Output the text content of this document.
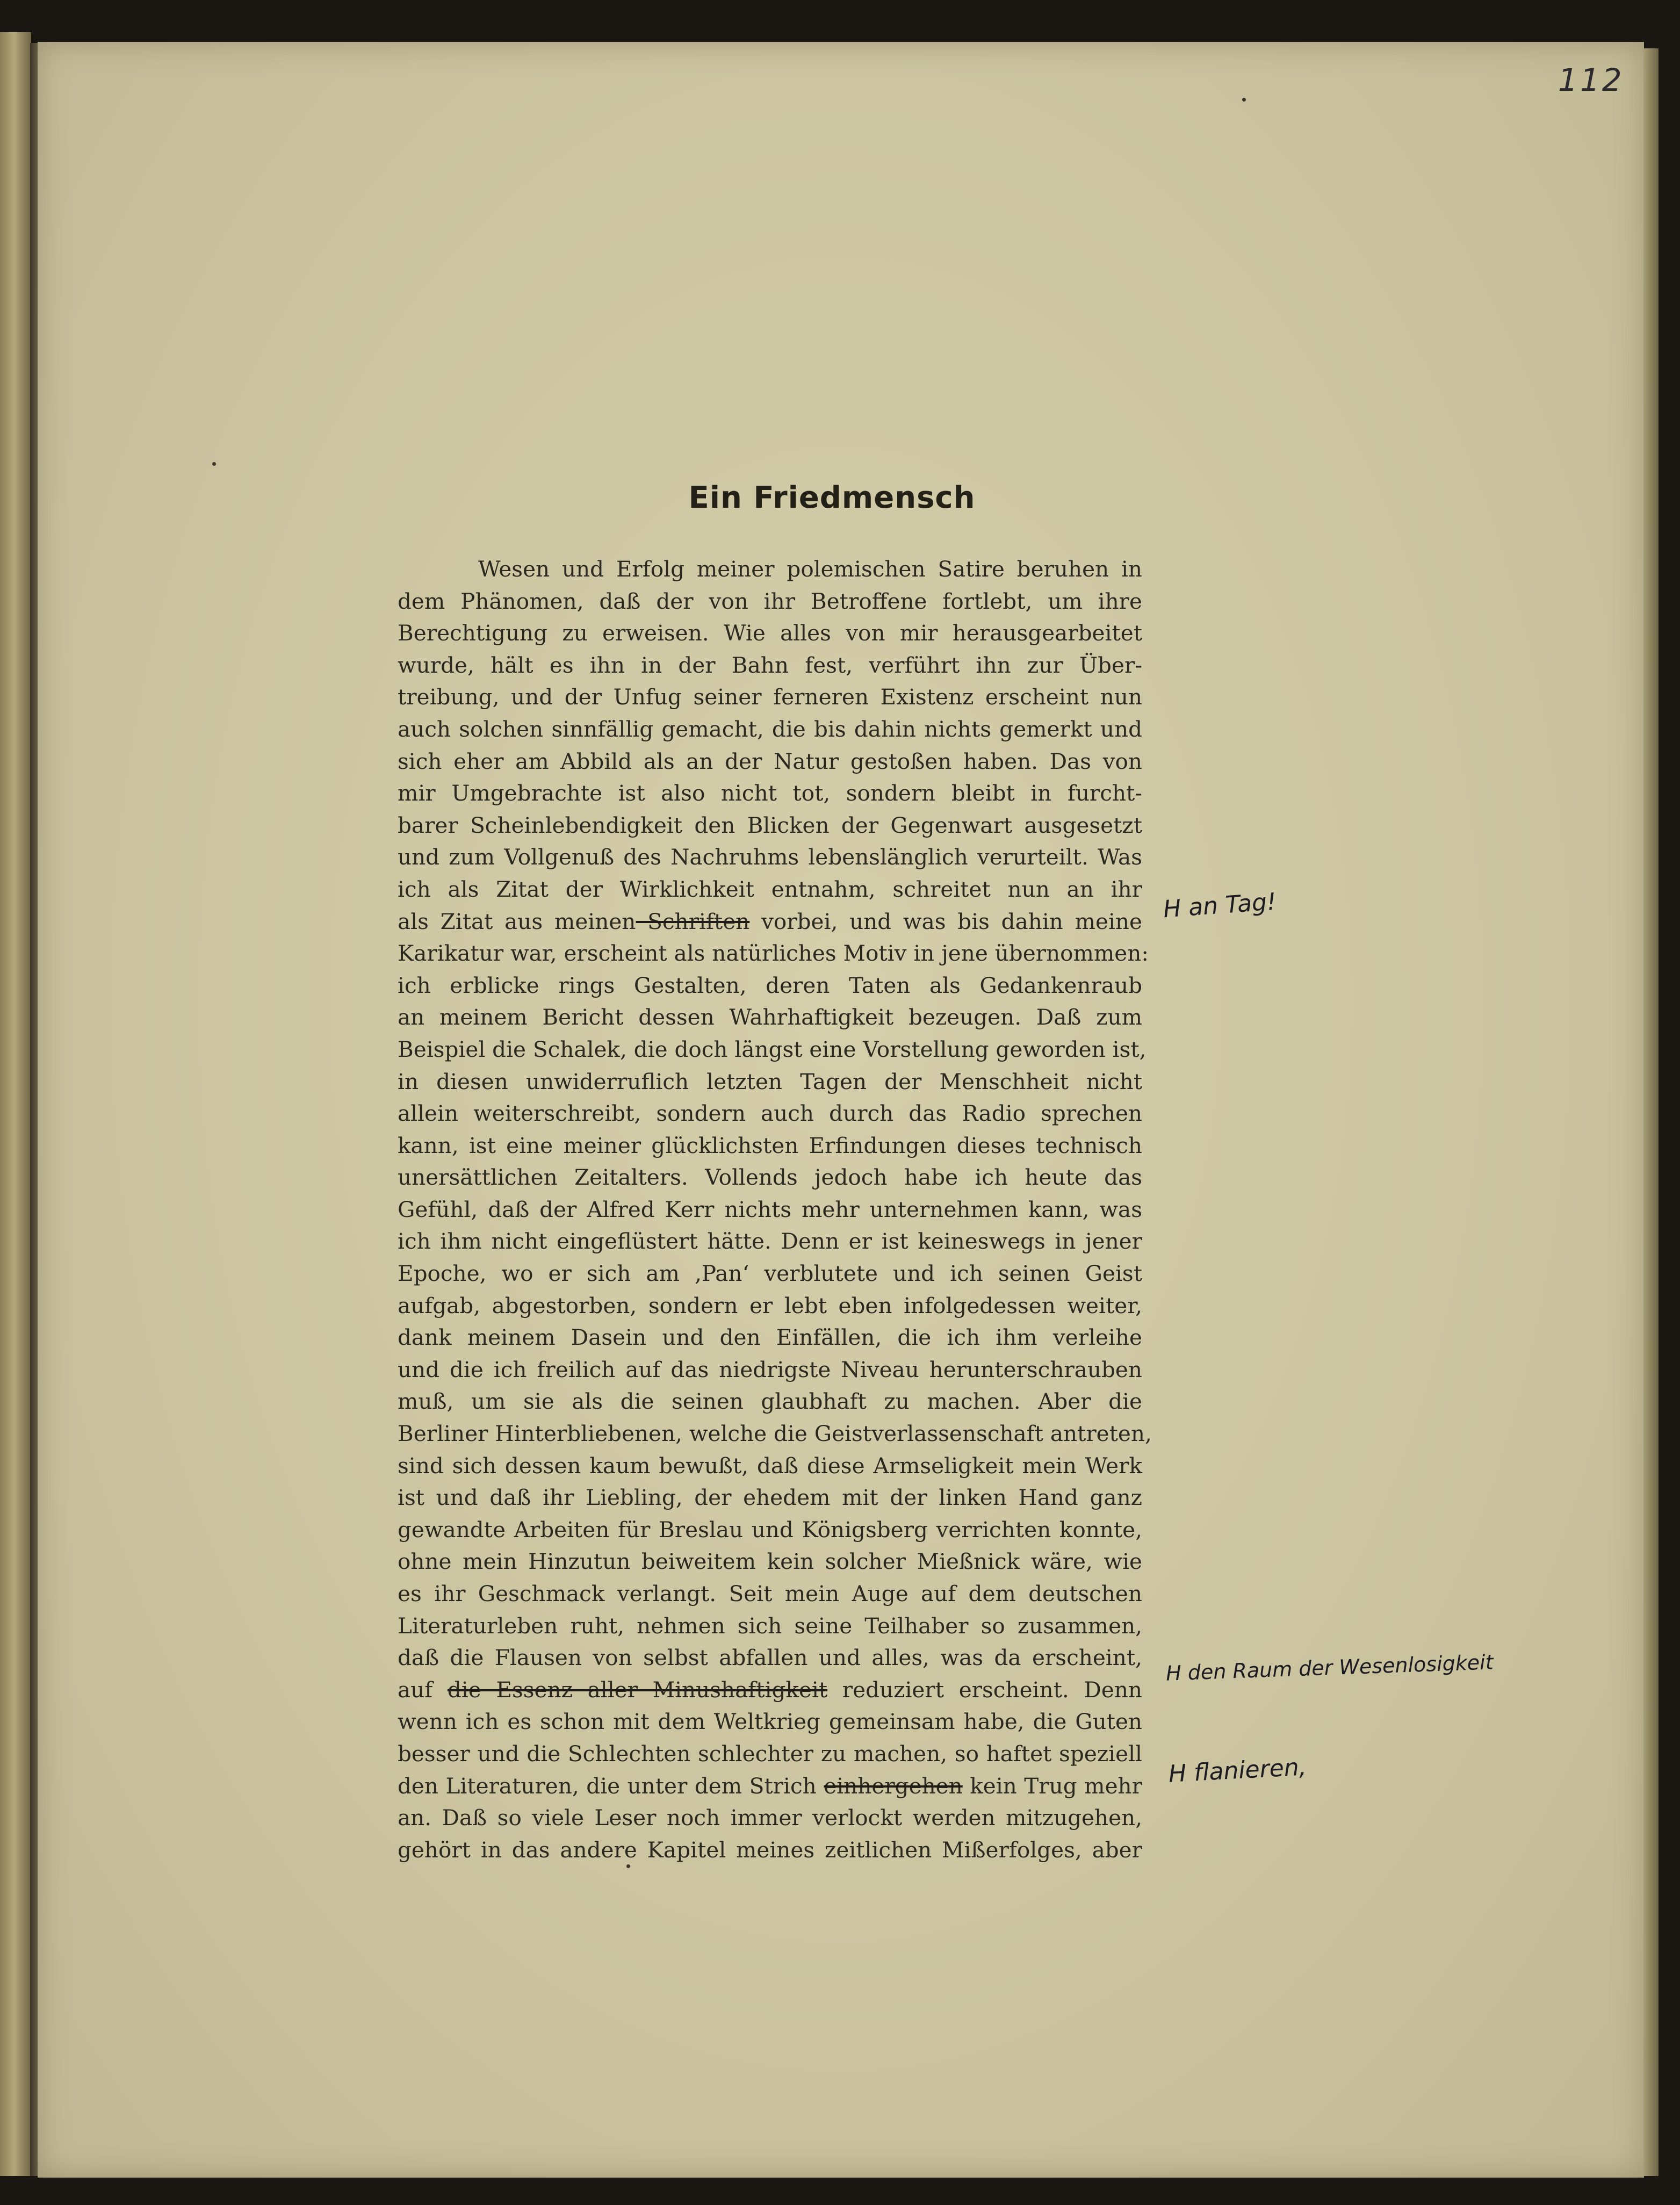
112
Ein Friedmensch
Wesen und Erfolg meiner polemischen Satire beruhen in
dem Phänomen, daß der von ihr Betroffene fortlebt, um ihre
Berechtigung zu erweisen. Wie alles von mir herausgearbeitet
wurde, hält es ihn in der Bahn fest, verführt ihn zur Über-
treibung, und der Unfug seiner ferneren Existenz erscheint nun
auch solchen sinnfällig gemacht, die bis dahin nichts gemerkt und
sich eher am Abbild als an der Natur gestoßen haben. Das von
mir Umgebrachte ist also nicht tot, sondern bleibt in furcht-
barer Scheinlebendigkeit den Blicken der Gegenwart ausgesetzt
und zum Vollgenuß des Nachruhms lebenslänglich verurteilt. Was
ich als Zitat der Wirklichkeit entnahm, schreitet nun an ihr
als Zitat aus meinen Schriften vorbei, und was bis dahin meine
Karikatur war, erscheint als natürliches Motiv in jene übernommen:
ich erblicke rings Gestalten, deren Taten als Gedankenraub
an meinem Bericht dessen Wahrhaftigkeit bezeugen. Daß zum
Beispiel die Schalek, die doch längst eine Vorstellung geworden ist,
in diesen unwiderruflich letzten Tagen der Menschheit nicht
allein weiterschreibt, sondern auch durch das Radio sprechen
kann, ist eine meiner glücklichsten Erfindungen dieses technisch
unersättlichen Zeitalters. Vollends jedoch habe ich heute das
Gefühl, daß der Alfred Kerr nichts mehr unternehmen kann, was
ich ihm nicht eingeflüstert hätte. Denn er ist keineswegs in jener
Epoche, wo er sich am ‚Pan‘ verblutete und ich seinen Geist
aufgab, abgestorben, sondern er lebt eben infolgedessen weiter,
dank meinem Dasein und den Einfällen, die ich ihm verleihe
und die ich freilich auf das niedrigste Niveau herunterschrauben
muß, um sie als die seinen glaubhaft zu machen. Aber die
Berliner Hinterbliebenen, welche die Geistverlassenschaft antreten,
sind sich dessen kaum bewußt, daß diese Armseligkeit mein Werk
ist und daß ihr Liebling, der ehedem mit der linken Hand ganz
gewandte Arbeiten für Breslau und Königsberg verrichten konnte,
ohne mein Hinzutun beiweitem kein solcher Mießnick wäre, wie
es ihr Geschmack verlangt. Seit mein Auge auf dem deutschen
Literaturleben ruht, nehmen sich seine Teilhaber so zusammen,
daß die Flausen von selbst abfallen und alles, was da erscheint,
auf die Essenz aller Minushaftigkeit reduziert erscheint. Denn
wenn ich es schon mit dem Weltkrieg gemeinsam habe, die Guten
besser und die Schlechten schlechter zu machen, so haftet speziell
den Literaturen, die unter dem Strich einhergehen kein Trug mehr
an. Daß so viele Leser noch immer verlockt werden mitzugehen,
gehört in das andere Kapitel meines zeitlichen Mißerfolges, aber
H an Tag!
H den Raum der Wesenlosigkeit
H flanieren,
